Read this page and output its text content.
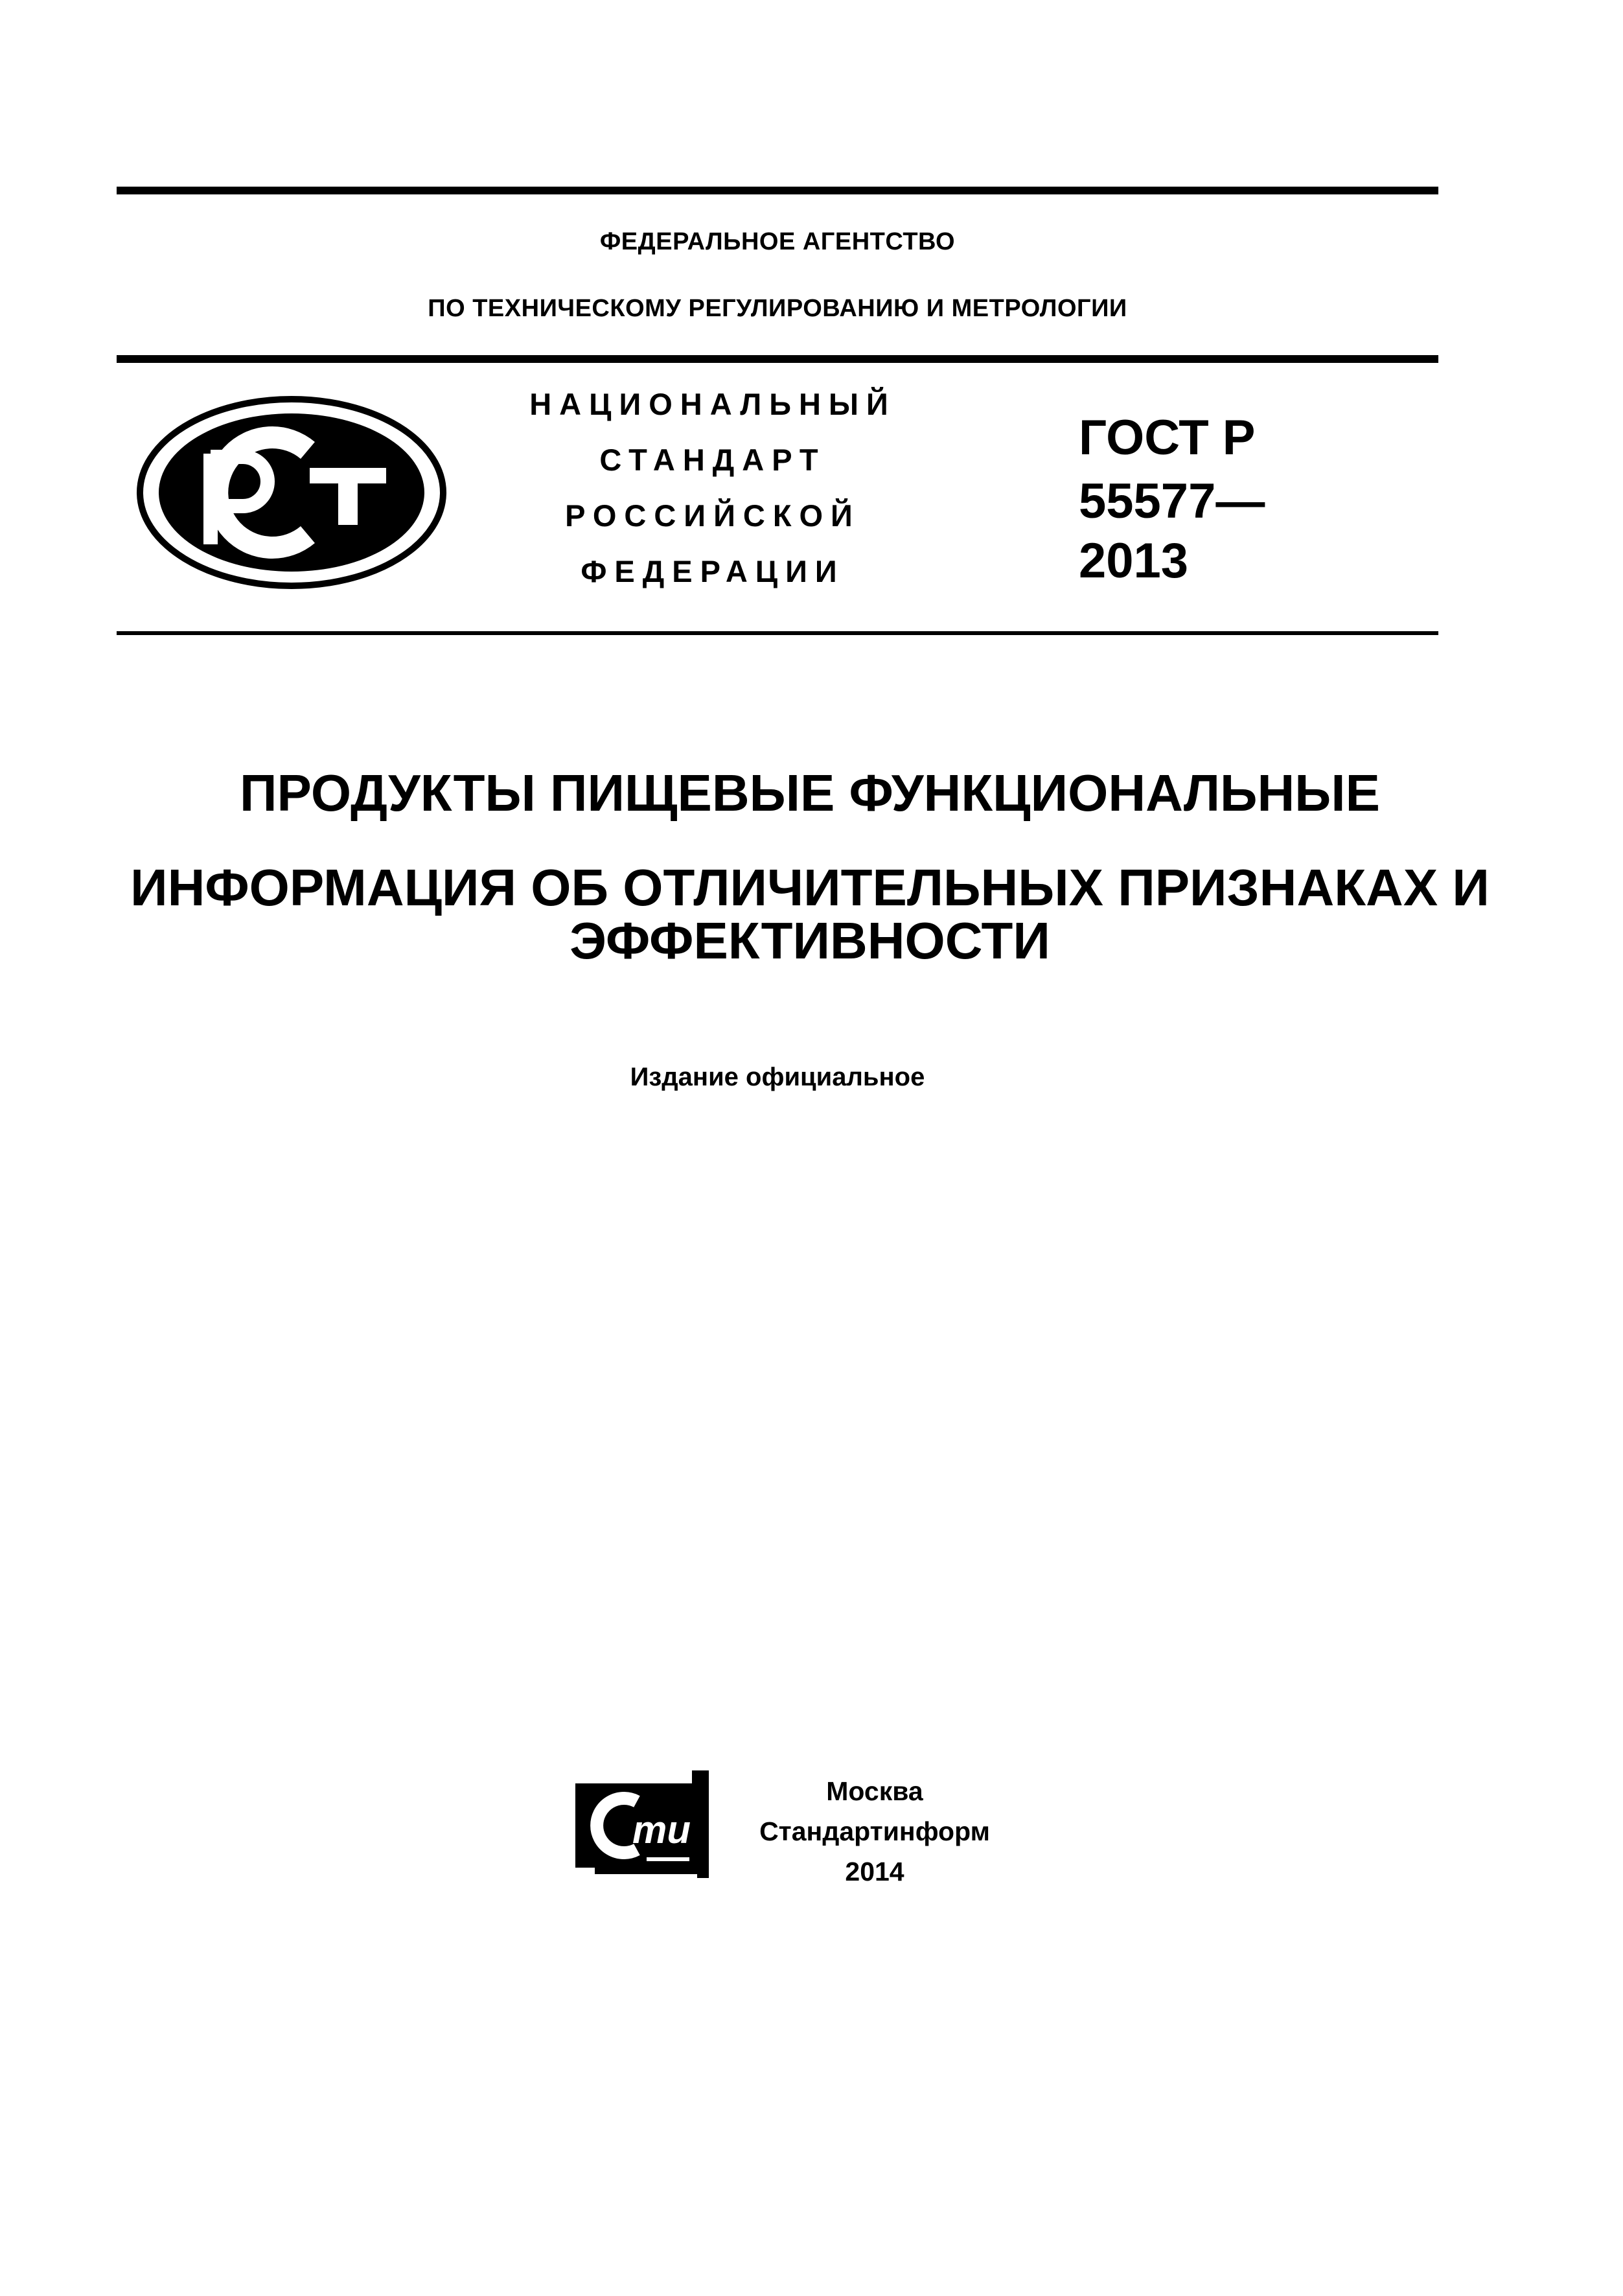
ФЕДЕРАЛЬНОЕ АГЕНТСТВО
ПО ТЕХНИЧЕСКОМУ РЕГУЛИРОВАНИЮ И МЕТРОЛОГИИ
НАЦИОНАЛЬНЫЙ
СТАНДАРТ
РОССИЙСКОЙ
ФЕДЕРАЦИИ
ГОСТ Р
55577—
2013
ПРОДУКТЫ ПИЩЕВЫЕ ФУНКЦИОНАЛЬНЫЕ
ИНФОРМАЦИЯ ОБ ОТЛИЧИТЕЛЬНЫХ ПРИЗНАКАХ И
ЭФФЕКТИВНОСТИ
Издание официальное
ти
Москва
Стандартинформ
2014
